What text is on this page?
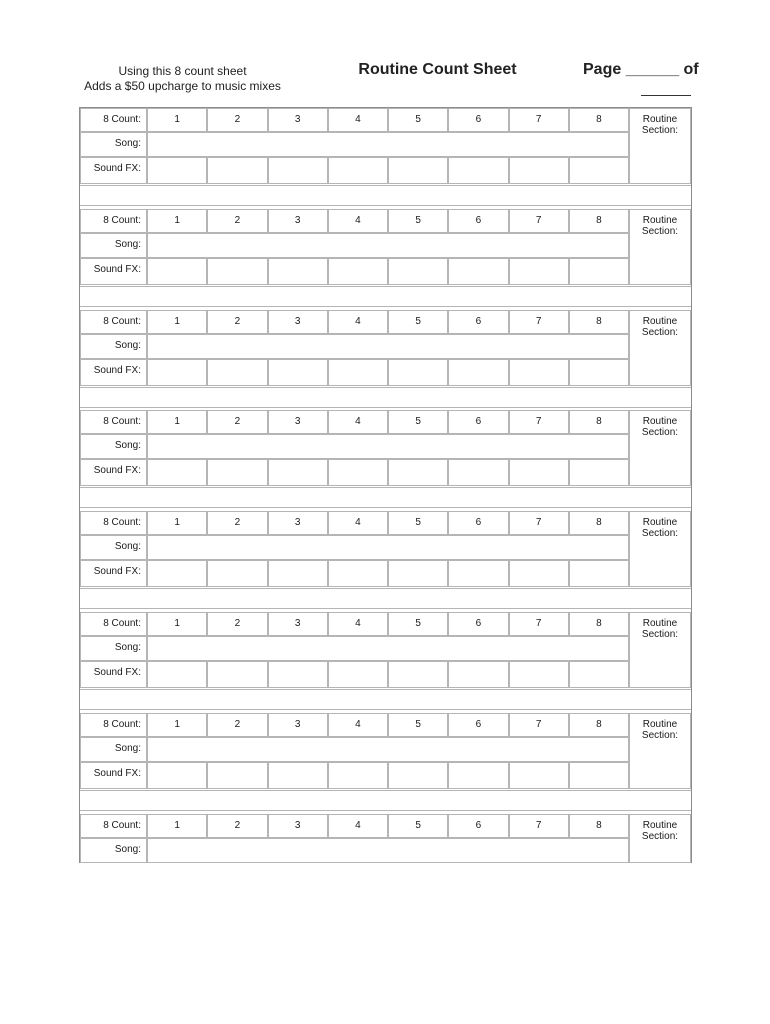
Using this 8 count sheet
Adds a $50 upcharge to music mixes
Routine Count Sheet	Page ______ of
8 Count:	1	2	3	4	5	6	7	8
Song:
Sound FX:
Routine
Section:
8 Count:	1	2	3	4	5	6	7	8
Song:
Sound FX:
Routine
Section:
8 Count:	1	2	3	4	5	6	7	8
Song:
Sound FX:
Routine
Section:
8 Count:	1	2	3	4	5	6	7	8
Song:
Sound FX:
Routine
Section:
8 Count:	1	2	3	4	5	6	7	8
Song:
Sound FX:
Routine
Section:
8 Count:	1	2	3	4	5	6	7	8
Song:
Sound FX:
Routine
Section:
8 Count:	1	2	3	4	5	6	7	8
Song:
Sound FX:
Routine
Section:
8 Count:	1	2	3	4	5	6	7	8
Song:
Routine
Section:
